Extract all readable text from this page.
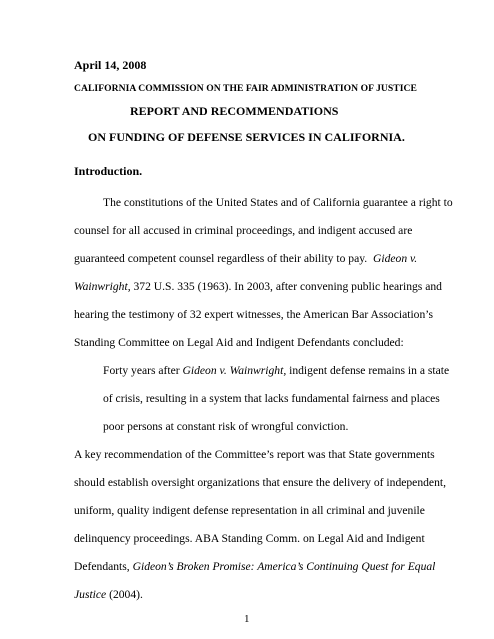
April 14, 2008
CALIFORNIA COMMISSION ON THE FAIR ADMINISTRATION OF JUSTICE
REPORT AND RECOMMENDATIONS
ON FUNDING OF DEFENSE SERVICES IN CALIFORNIA.
Introduction.
The constitutions of the United States and of California guarantee a right to
counsel for all accused in criminal proceedings, and indigent accused are
guaranteed competent counsel regardless of their ability to pay. Gideon v.
Wainwright, 372 U.S. 335 (1963). In 2003, after convening public hearings and
hearing the testimony of 32 expert witnesses, the American Bar Association’s
Standing Committee on Legal Aid and Indigent Defendants concluded:
Forty years after Gideon v. Wainwright, indigent defense remains in a state
of crisis, resulting in a system that lacks fundamental fairness and places
poor persons at constant risk of wrongful conviction.
A key recommendation of the Committee’s report was that State governments
should establish oversight organizations that ensure the delivery of independent,
uniform, quality indigent defense representation in all criminal and juvenile
delinquency proceedings. ABA Standing Comm. on Legal Aid and Indigent
Defendants, Gideon’s Broken Promise: America’s Continuing Quest for Equal
Justice (2004).
1
